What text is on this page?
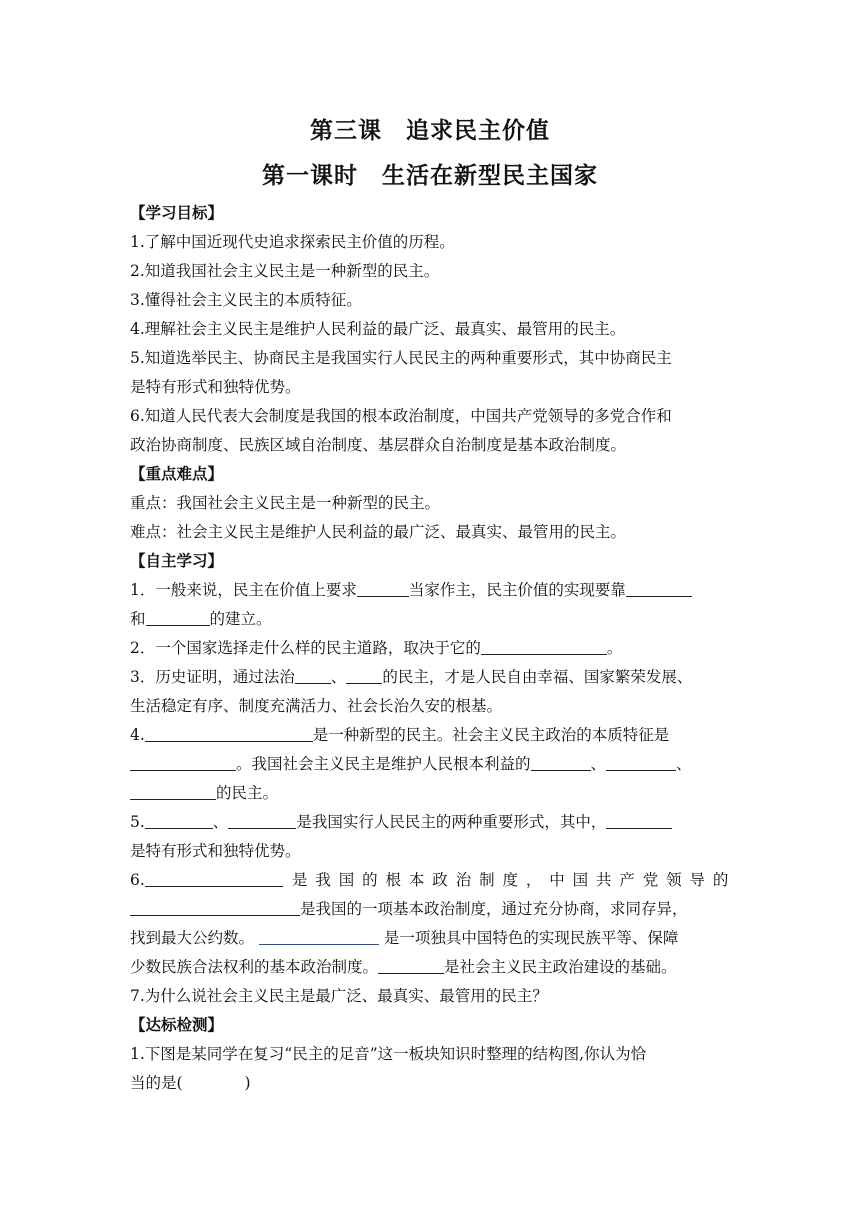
第三课　追求民主价值
第一课时　生活在新型民主国家
【学习目标】
1.了解中国近现代史追求探索民主价值的历程。
2.知道我国社会主义民主是一种新型的民主。
3.懂得社会主义民主的本质特征。
4.理解社会主义民主是维护人民利益的最广泛、最真实、最管用的民主。
5.知道选举民主、协商民主是我国实行人民民主的两种重要形式，其中协商民主
是特有形式和独特优势。
6.知道人民代表大会制度是我国的根本政治制度，中国共产党领导的多党合作和
政治协商制度、民族区域自治制度、基层群众自治制度是基本政治制度。
【重点难点】
重点：我国社会主义民主是一种新型的民主。
难点：社会主义民主是维护人民利益的最广泛、最真实、最管用的民主。
【自主学习】
1．一般来说，民主在价值上要求	当家作主，民主价值的实现要靠
和	的建立。
2．一个国家选择走什么样的民主道路，取决于它的	。
3．历史证明，通过法治 、 的民主，才是人民自由幸福、国家繁荣发展、
生活稳定有序、制度充满活力、社会长治久安的根基。
4.	是一种新型的民主。社会主义民主政治的本质特征是
。我国社会主义民主是维护人民根本利益的	、	、
的民主。
5.	、	是我国实行人民民主的两种重要形式，其中，
是特有形式和独特优势。
6.	是我国的根本政治制度，中国共产党领导的
是我国的一项基本政治制度，通过充分协商，求同存异，
找到最大公约数。	是一项独具中国特色的实现民族平等、保障
少数民族合法权利的基本政治制度。	是社会主义民主政治建设的基础。
7.为什么说社会主义民主是最广泛、最真实、最管用的民主？
【达标检测】
1.下图是某同学在复习“民主的足音”这一板块知识时整理的结构图,你认为恰
当的是(　　　　)
